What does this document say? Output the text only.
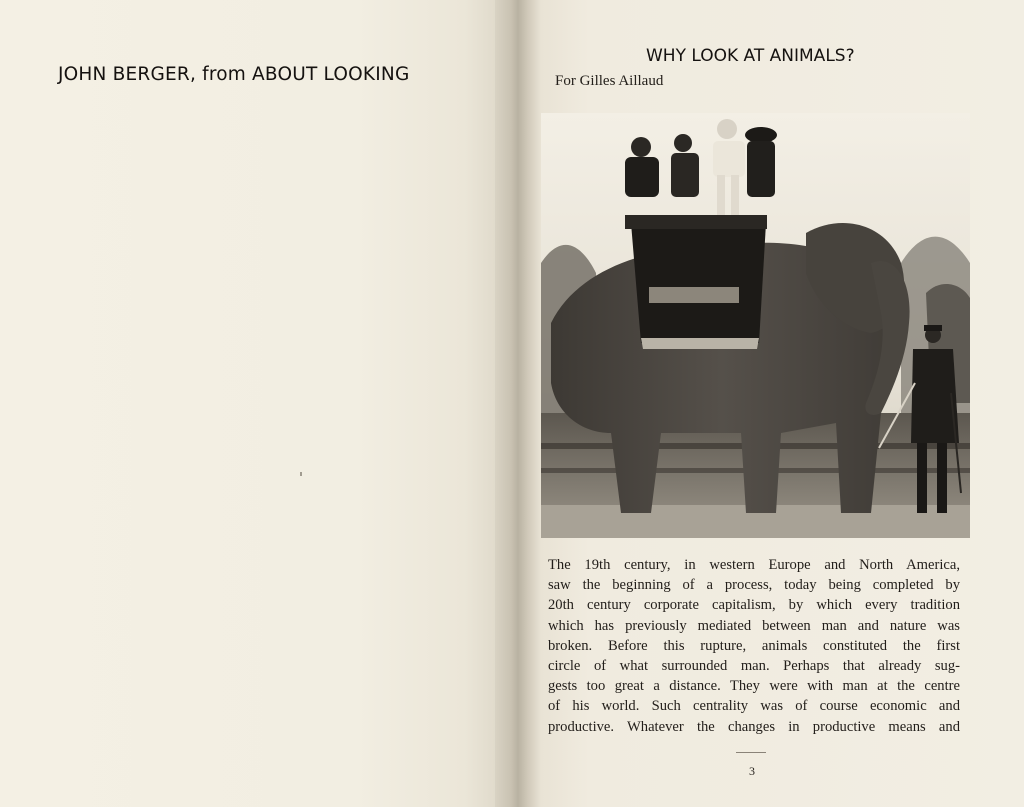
JOHN BERGER, from ABOUT LOOKING
WHY LOOK AT ANIMALS?
For Gilles Aillaud
The 19th century, in western Europe and North America,
saw the beginning of a process, today being completed by
20th century corporate capitalism, by which every tradition
which has previously mediated between man and nature was
broken. Before this rupture, animals constituted the first
circle of what surrounded man. Perhaps that already sug-
gests too great a distance. They were with man at the centre
of his world. Such centrality was of course economic and
productive. Whatever the changes in productive means and
3
